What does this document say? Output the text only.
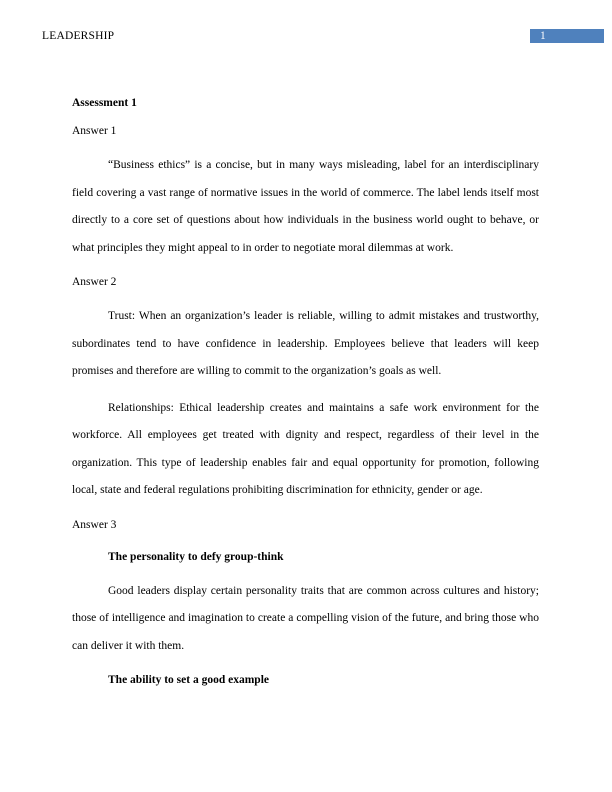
LEADERSHIP	1

Assessment 1

Answer 1

“Business ethics” is a concise, but in many ways misleading, label for an interdisciplinary field covering a vast range of normative issues in the world of commerce. The label lends itself most directly to a core set of questions about how individuals in the business world ought to behave, or what principles they might appeal to in order to negotiate moral dilemmas at work.

Answer 2

Trust: When an organization’s leader is reliable, willing to admit mistakes and trustworthy, subordinates tend to have confidence in leadership. Employees believe that leaders will keep promises and therefore are willing to commit to the organization’s goals as well.

Relationships: Ethical leadership creates and maintains a safe work environment for the workforce. All employees get treated with dignity and respect, regardless of their level in the organization. This type of leadership enables fair and equal opportunity for promotion, following local, state and federal regulations prohibiting discrimination for ethnicity, gender or age.

Answer 3

The personality to defy group-think

Good leaders display certain personality traits that are common across cultures and history; those of intelligence and imagination to create a compelling vision of the future, and bring those who can deliver it with them.

The ability to set a good example
